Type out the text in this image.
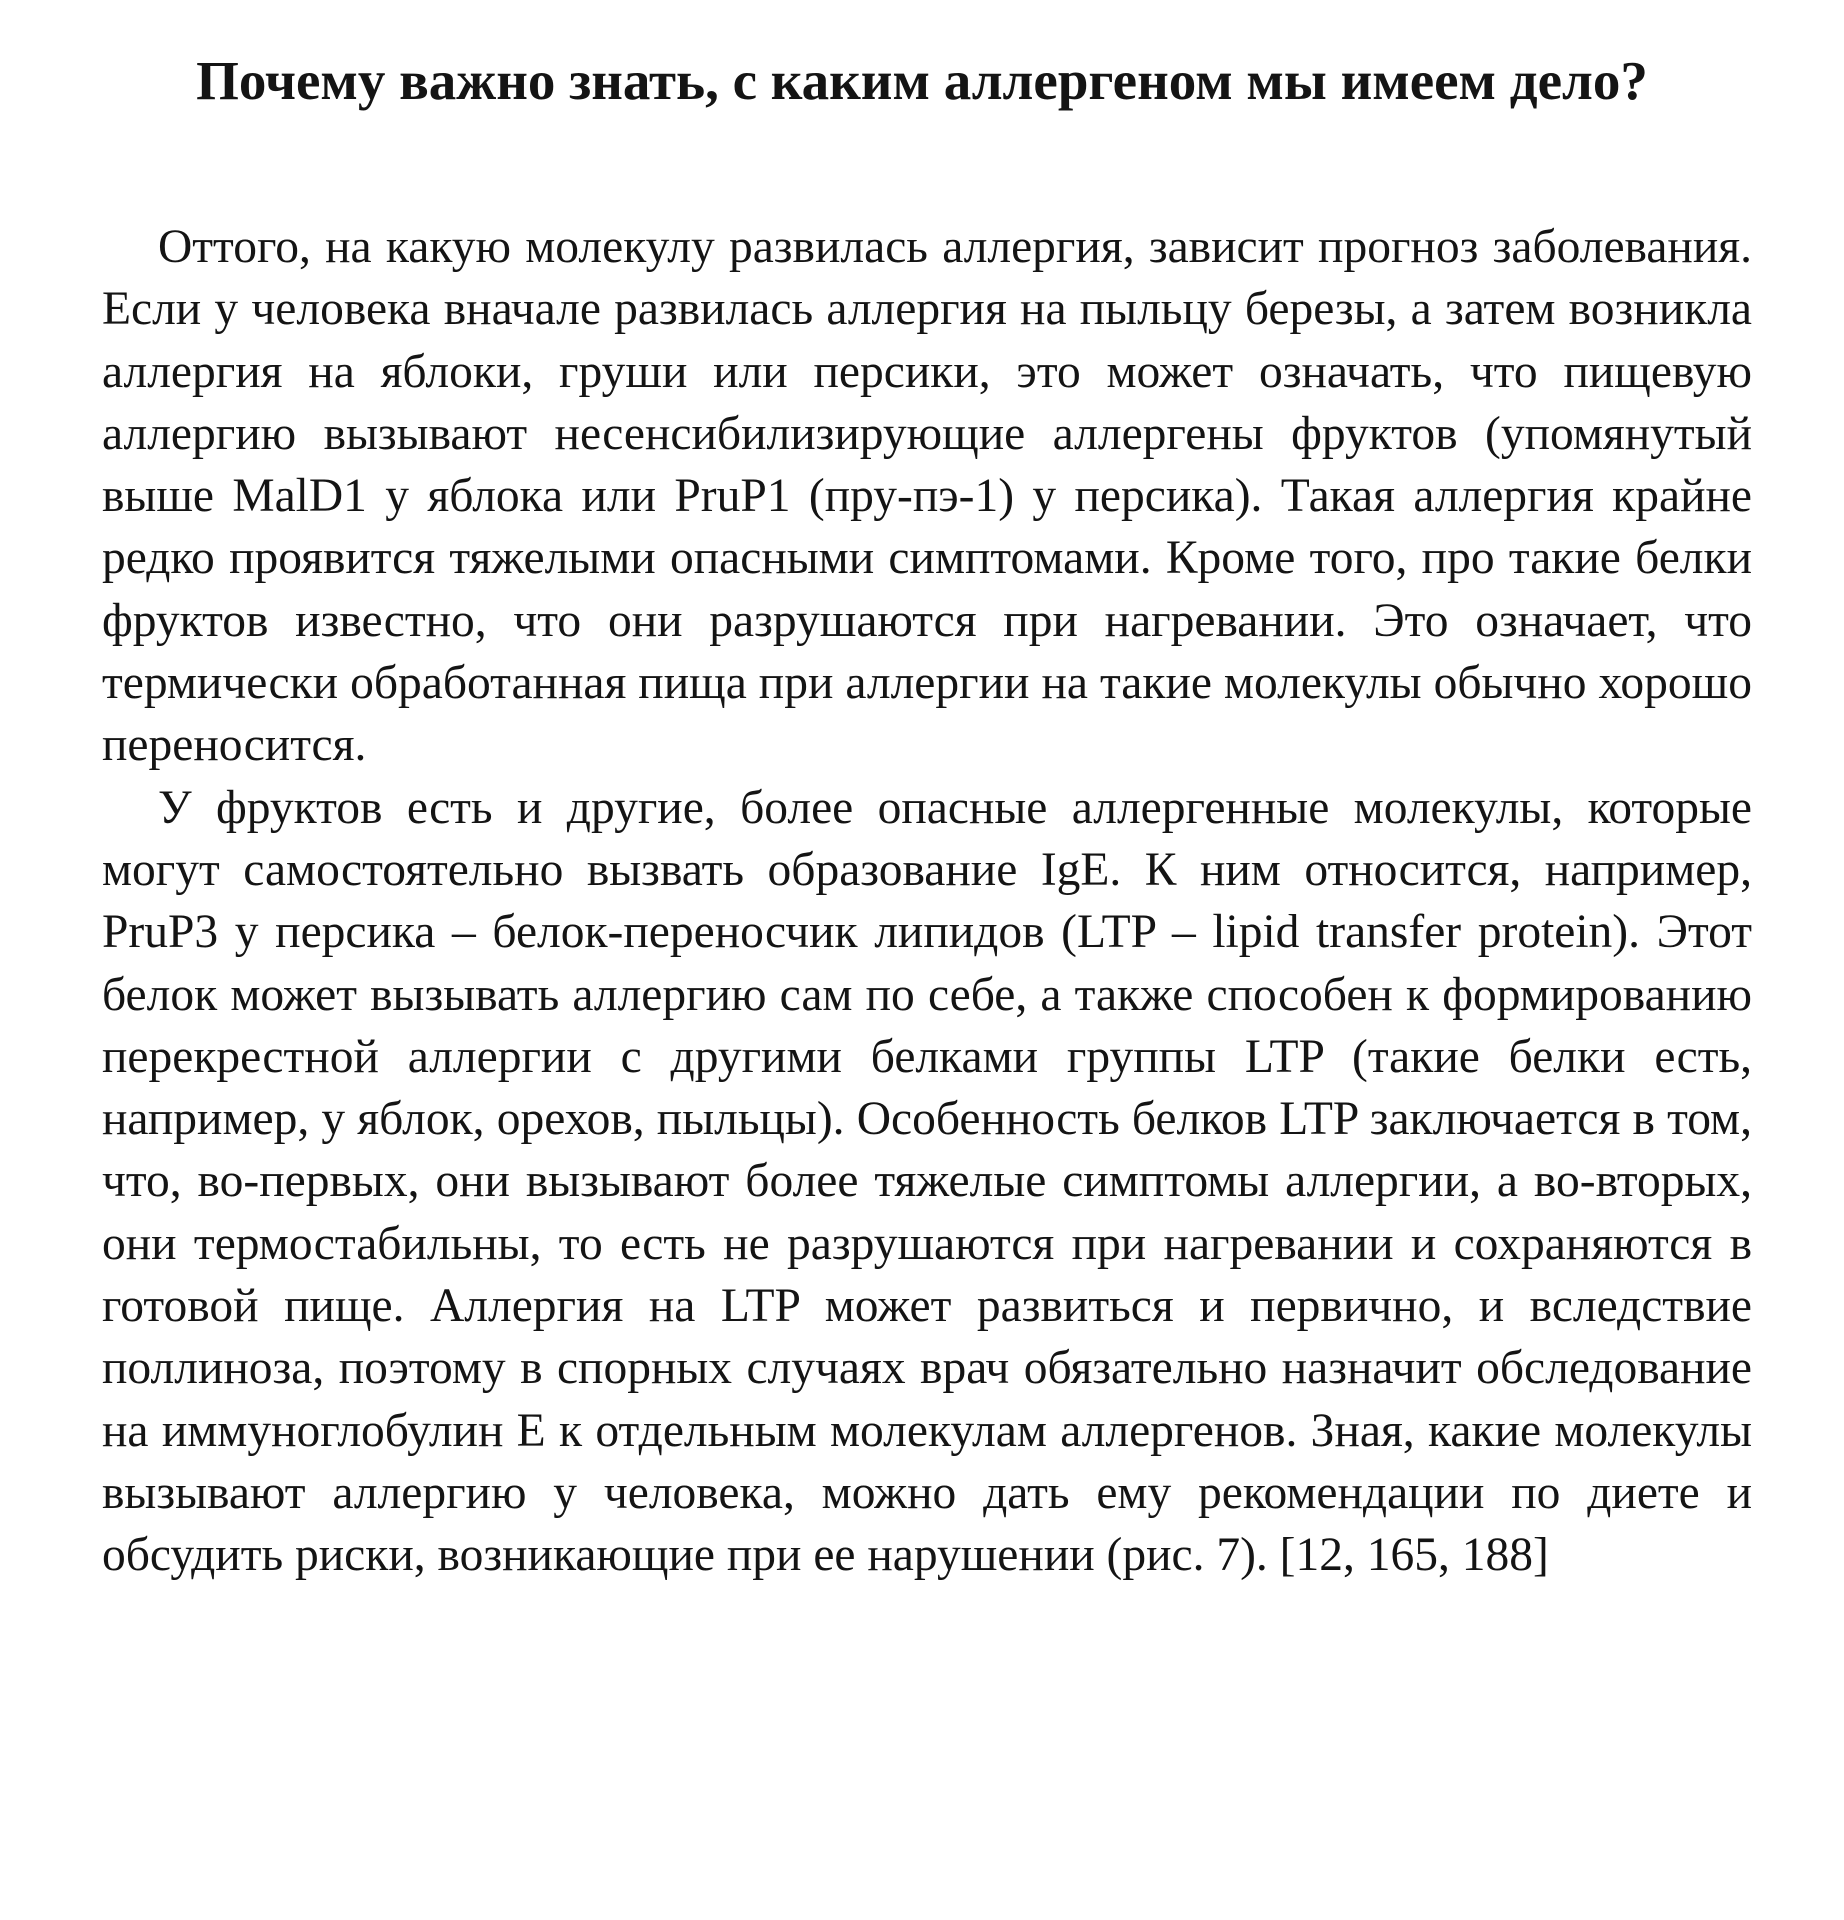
Почему важно знать, с каким аллергеном мы имеем дело?

Оттого, на какую молекулу развилась аллергия, зависит прогноз заболевания. Если у человека вначале развилась аллергия на пыльцу березы, а затем возникла аллергия на яблоки, груши или персики, это может означать, что пищевую аллергию вызывают несенсибилизирующие аллергены фруктов (упомянутый выше MalD1 у яблока или PruP1 (пру-пэ-1) у персика). Такая аллергия крайне редко проявится тяжелыми опасными симптомами. Кроме того, про такие белки фруктов известно, что они разрушаются при нагревании. Это означает, что термически обработанная пища при аллергии на такие молекулы обычно хорошо переносится.

У фруктов есть и другие, более опасные аллергенные молекулы, которые могут самостоятельно вызвать образование IgE. К ним относится, например, PruP3 у персика – белок-переносчик липидов (LTP – lipid transfer protein). Этот белок может вызывать аллергию сам по себе, а также способен к формированию перекрестной аллергии с другими белками группы LTP (такие белки есть, например, у яблок, орехов, пыльцы). Особенность белков LTP заключается в том, что, во-первых, они вызывают более тяжелые симптомы аллергии, а во-вторых, они термостабильны, то есть не разрушаются при нагревании и сохраняются в готовой пище. Аллергия на LTP может развиться и первично, и вследствие поллиноза, поэтому в спорных случаях врач обязательно назначит обследование на иммуноглобулин Е к отдельным молекулам аллергенов. Зная, какие молекулы вызывают аллергию у человека, можно дать ему рекомендации по диете и обсудить риски, возникающие при ее нарушении (рис. 7). [12, 165, 188]
